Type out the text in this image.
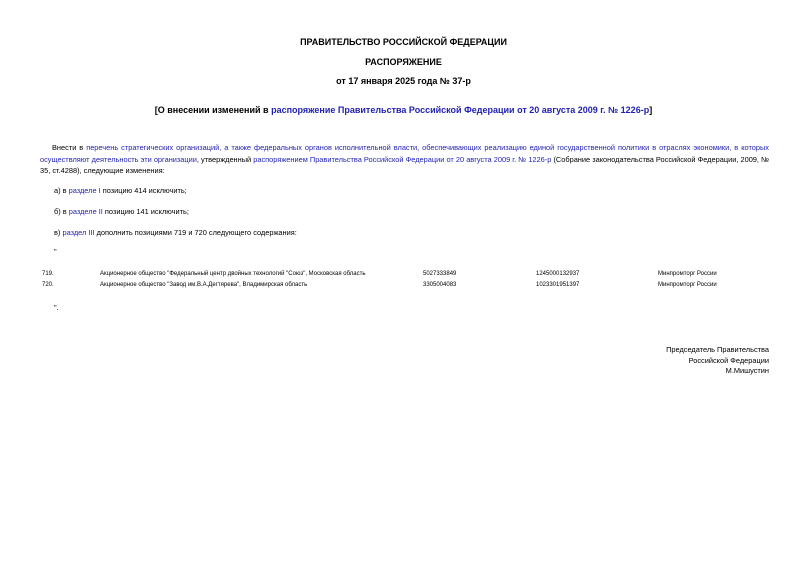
ПРАВИТЕЛЬСТВО РОССИЙСКОЙ ФЕДЕРАЦИИ
РАСПОРЯЖЕНИЕ
от 17 января 2025 года № 37-р
[О внесении изменений в распоряжение Правительства Российской Федерации от 20 августа 2009 г. № 1226-р]
Внести в перечень стратегических организаций, а также федеральных органов исполнительной власти, обеспечивающих реализацию единой государственной политики в отраслях экономики, в которых осуществляют деятельность эти организации, утвержденный распоряжением Правительства Российской Федерации от 20 августа 2009 г. № 1226-р (Собрание законодательства Российской Федерации, 2009, № 35, ст.4288), следующие изменения:
а) в разделе I позицию 414 исключить;
б) в разделе II позицию 141 исключить;
в) раздел III дополнить позициями 719 и 720 следующего содержания:
"
719.	Акционерное общество "Федеральный центр двойных технологий "Союз", Московская область	5027333849	1245000132937	Минпромторг России
720.	Акционерное общество "Завод им.В.А.Дегтярева", Владимирская область	3305004083	1023301951397	Минпромторг России
".
Председатель Правительства
Российской Федерации
М.Мишустин
